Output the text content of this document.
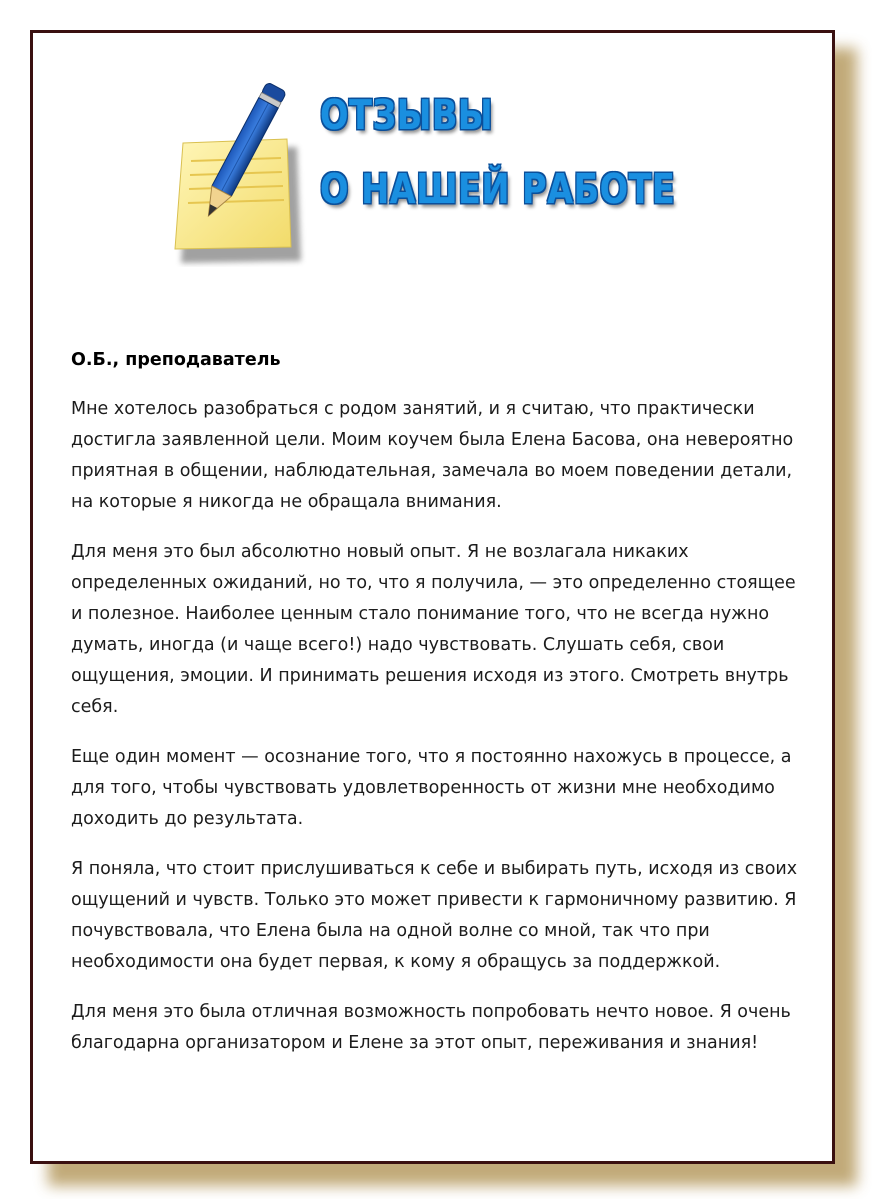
ОТЗЫВЫ
О НАШЕЙ РАБОТЕ

О.Б., преподаватель

Мне хотелось разобраться с родом занятий, и я считаю, что практически достигла заявленной цели. Моим коучем была Елена Басова, она невероятно приятная в общении, наблюдательная, замечала во моем поведении детали, на которые я никогда не обращала внимания.

Для меня это был абсолютно новый опыт. Я не возлагала никаких определенных ожиданий, но то, что я получила, — это определенно стоящее и полезное. Наиболее ценным стало понимание того, что не всегда нужно думать, иногда (и чаще всего!) надо чувствовать. Слушать себя, свои ощущения, эмоции. И принимать решения исходя из этого. Смотреть внутрь себя.

Еще один момент — осознание того, что я постоянно нахожусь в процессе, а для того, чтобы чувствовать удовлетворенность от жизни мне необходимо доходить до результата.

Я поняла, что стоит прислушиваться к себе и выбирать путь, исходя из своих ощущений и чувств. Только это может привести к гармоничному развитию. Я почувствовала, что Елена была на одной волне со мной, так что при необходимости она будет первая, к кому я обращусь за поддержкой.

Для меня это была отличная возможность попробовать нечто новое. Я очень благодарна организатором и Елене за этот опыт, переживания и знания!
